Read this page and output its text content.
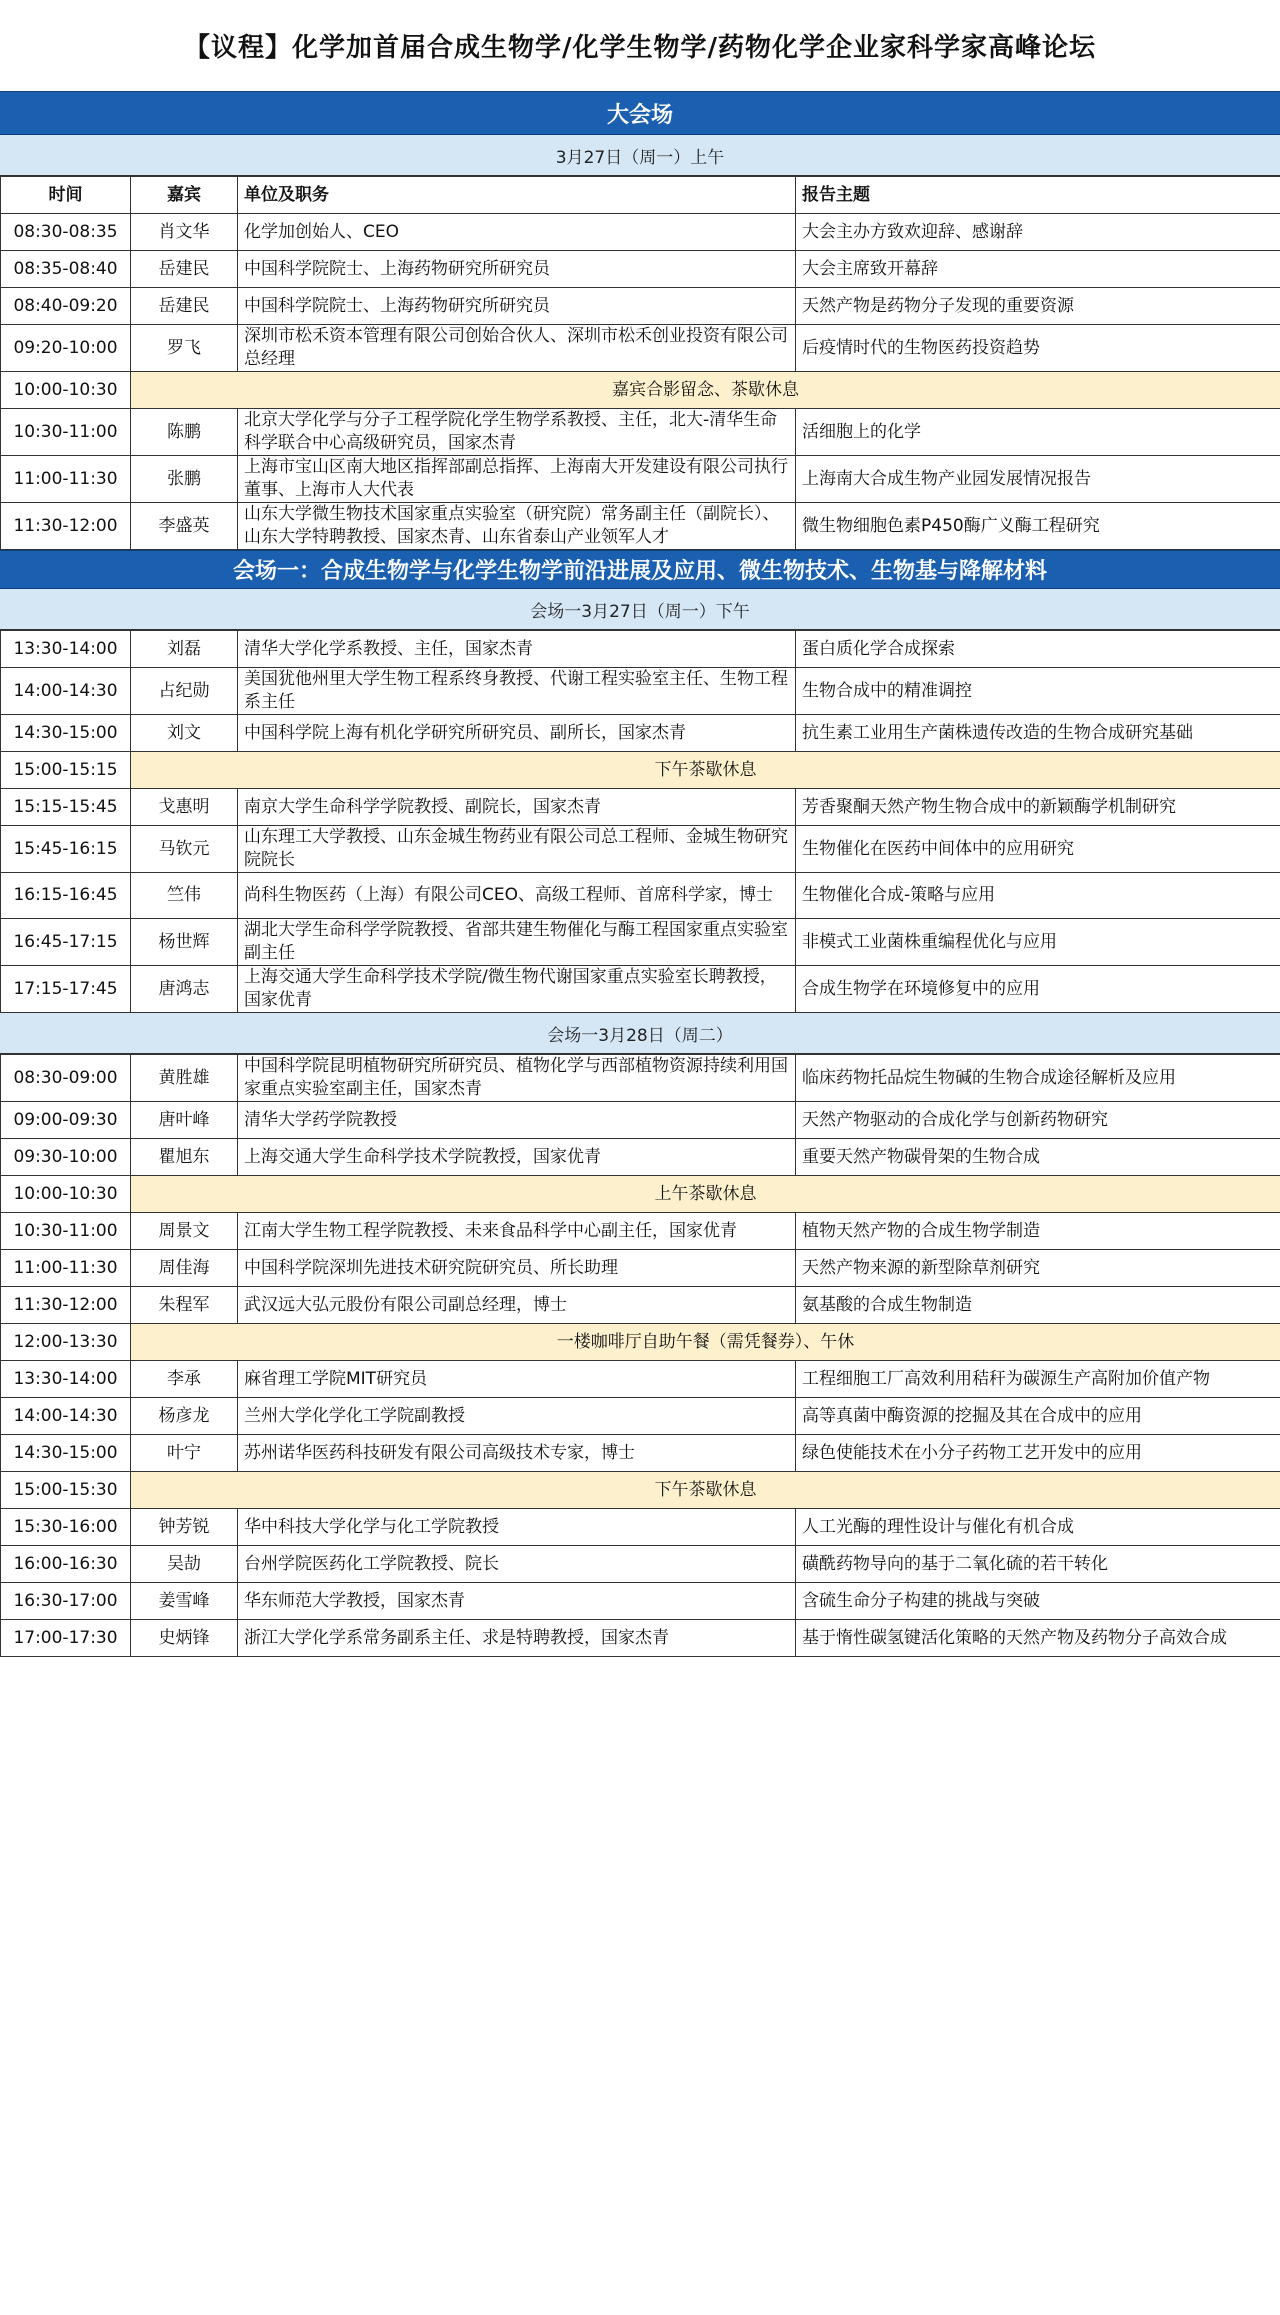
【议程】化学加首届合成生物学/化学生物学/药物化学企业家科学家高峰论坛
大会场
3月27日（周一）上午
时间	嘉宾	单位及职务	报告主题
08:30-08:35	肖文华	化学加创始人、CEO	大会主办方致欢迎辞、感谢辞
08:35-08:40	岳建民	中国科学院院士、上海药物研究所研究员	大会主席致开幕辞
08:40-09:20	岳建民	中国科学院院士、上海药物研究所研究员	天然产物是药物分子发现的重要资源
09:20-10:00	罗飞	深圳市松禾资本管理有限公司创始合伙人、深圳市松禾创业投资有限公司总经理	后疫情时代的生物医药投资趋势
10:00-10:30	嘉宾合影留念、茶歇休息		
10:30-11:00	陈鹏	北京大学化学与分子工程学院化学生物学系教授、主任，北大-清华生命科学联合中心高级研究员，国家杰青	活细胞上的化学
11:00-11:30	张鹏	上海市宝山区南大地区指挥部副总指挥、上海南大开发建设有限公司执行董事、上海市人大代表	上海南大合成生物产业园发展情况报告
11:30-12:00	李盛英	山东大学微生物技术国家重点实验室（研究院）常务副主任（副院长）、山东大学特聘教授、国家杰青、山东省泰山产业领军人才	微生物细胞色素P450酶广义酶工程研究
会场一：合成生物学与化学生物学前沿进展及应用、微生物技术、生物基与降解材料
会场一3月27日（周一）下午
13:30-14:00	刘磊	清华大学化学系教授、主任，国家杰青	蛋白质化学合成探索
14:00-14:30	占纪勋	美国犹他州里大学生物工程系终身教授、代谢工程实验室主任、生物工程系主任	生物合成中的精准调控
14:30-15:00	刘文	中国科学院上海有机化学研究所研究员、副所长，国家杰青	抗生素工业用生产菌株遗传改造的生物合成研究基础
15:00-15:15	下午茶歇休息		
15:15-15:45	戈惠明	南京大学生命科学学院教授、副院长，国家杰青	芳香聚酮天然产物生物合成中的新颖酶学机制研究
15:45-16:15	马钦元	山东理工大学教授、山东金城生物药业有限公司总工程师、金城生物研究院院长	生物催化在医药中间体中的应用研究
16:15-16:45	竺伟	尚科生物医药（上海）有限公司CEO、高级工程师、首席科学家，博士	生物催化合成-策略与应用
16:45-17:15	杨世辉	湖北大学生命科学学院教授、省部共建生物催化与酶工程国家重点实验室副主任	非模式工业菌株重编程优化与应用
17:15-17:45	唐鸿志	上海交通大学生命科学技术学院/微生物代谢国家重点实验室长聘教授，国家优青	合成生物学在环境修复中的应用
会场一3月28日（周二）
08:30-09:00	黄胜雄	中国科学院昆明植物研究所研究员、植物化学与西部植物资源持续利用国家重点实验室副主任，国家杰青	临床药物托品烷生物碱的生物合成途径解析及应用
09:00-09:30	唐叶峰	清华大学药学院教授	天然产物驱动的合成化学与创新药物研究
09:30-10:00	瞿旭东	上海交通大学生命科学技术学院教授，国家优青	重要天然产物碳骨架的生物合成
10:00-10:30	上午茶歇休息		
10:30-11:00	周景文	江南大学生物工程学院教授、未来食品科学中心副主任，国家优青	植物天然产物的合成生物学制造
11:00-11:30	周佳海	中国科学院深圳先进技术研究院研究员、所长助理	天然产物来源的新型除草剂研究
11:30-12:00	朱程军	武汉远大弘元股份有限公司副总经理，博士	氨基酸的合成生物制造
12:00-13:30	一楼咖啡厅自助午餐（需凭餐券）、午休		
13:30-14:00	李承	麻省理工学院MIT研究员	工程细胞工厂高效利用秸秆为碳源生产高附加价值产物
14:00-14:30	杨彦龙	兰州大学化学化工学院副教授	高等真菌中酶资源的挖掘及其在合成中的应用
14:30-15:00	叶宁	苏州诺华医药科技研发有限公司高级技术专家，博士	绿色使能技术在小分子药物工艺开发中的应用
15:00-15:30	下午茶歇休息		
15:30-16:00	钟芳锐	华中科技大学化学与化工学院教授	人工光酶的理性设计与催化有机合成
16:00-16:30	吴劼	台州学院医药化工学院教授、院长	磺酰药物导向的基于二氧化硫的若干转化
16:30-17:00	姜雪峰	华东师范大学教授，国家杰青	含硫生命分子构建的挑战与突破
17:00-17:30	史炳锋	浙江大学化学系常务副系主任、求是特聘教授，国家杰青	基于惰性碳氢键活化策略的天然产物及药物分子高效合成
